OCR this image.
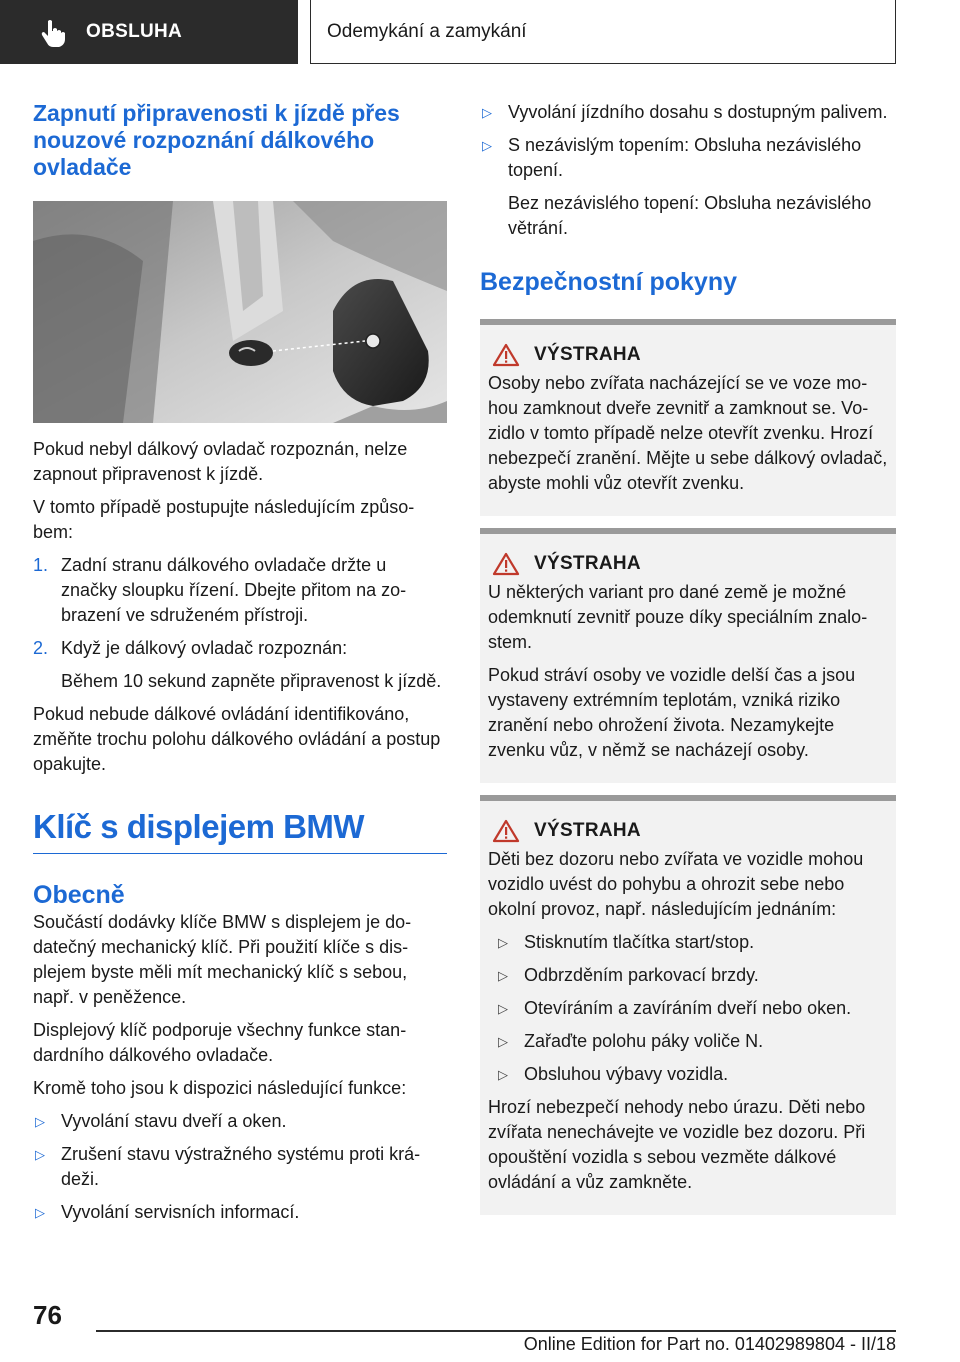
OBSLUHA	Odemykání a zamykání
Zapnutí připravenosti k jízdě přes nouzové rozpoznání dálkového ovladače

Pokud nebyl dálkový ovladač rozpoznán, nelze zapnout připravenost k jízdě.

V tomto případě postupujte následujícím způsobem:

1. Zadní stranu dálkového ovladače držte u značky sloupku řízení. Dbejte přitom na zobrazení ve sdruženém přístroji.
2. Když je dálkový ovladač rozpoznán:

Během 10 sekund zapněte připravenost k jízdě.

Pokud nebude dálkové ovládání identifikováno, změňte trochu polohu dálkového ovládání a postup opakujte.

Klíč s displejem BMW
Obecně

Součástí dodávky klíče BMW s displejem je dodatečný mechanický klíč. Při použití klíče s displejem byste měli mít mechanický klíč s sebou, např. v peněžence.

Displejový klíč podporuje všechny funkce standardního dálkového ovladače.

Kromě toho jsou k dispozici následující funkce:

▷ Vyvolání stavu dveří a oken.
▷ Zrušení stavu výstražného systému proti krádeži.
▷ Vyvolání servisních informací.
▷ Vyvolání jízdního dosahu s dostupným palivem.
▷ S nezávislým topením: Obsluha nezávislého topení.

Bez nezávislého topení: Obsluha nezávislého větrání.

Bezpečnostní pokyny
VÝSTRAHA

Osoby nebo zvířata nacházející se ve voze mohou zamknout dveře zevnitř a zamknout se. Vozidlo v tomto případě nelze otevřít zvenku. Hrozí nebezpečí zranění. Mějte u sebe dálkový ovladač, abyste mohli vůz otevřít zvenku.

VÝSTRAHA

U některých variant pro dané země je možné odemknutí zevnitř pouze díky speciálním znalostem.

Pokud stráví osoby ve vozidle delší čas a jsou vystaveny extrémním teplotám, vzniká riziko zranění nebo ohrožení života. Nezamykejte zvenku vůz, v němž se nacházejí osoby.

VÝSTRAHA

Děti bez dozoru nebo zvířata ve vozidle mohou vozidlo uvést do pohybu a ohrozit sebe nebo okolní provoz, např. následujícím jednáním:

▷ Stisknutím tlačítka start/stop.
▷ Odbrzděním parkovací brzdy.
▷ Otevíráním a zavíráním dveří nebo oken.
▷ Zařaďte polohu páky voliče N.
▷ Obsluhou výbavy vozidla.

Hrozí nebezpečí nehody nebo úrazu. Děti nebo zvířata nenechávejte ve vozidle bez dozoru. Při opouštění vozidla s sebou vezměte dálkové ovládání a vůz zamkněte.

76
Online Edition for Part no. 01402989804 - II/18
